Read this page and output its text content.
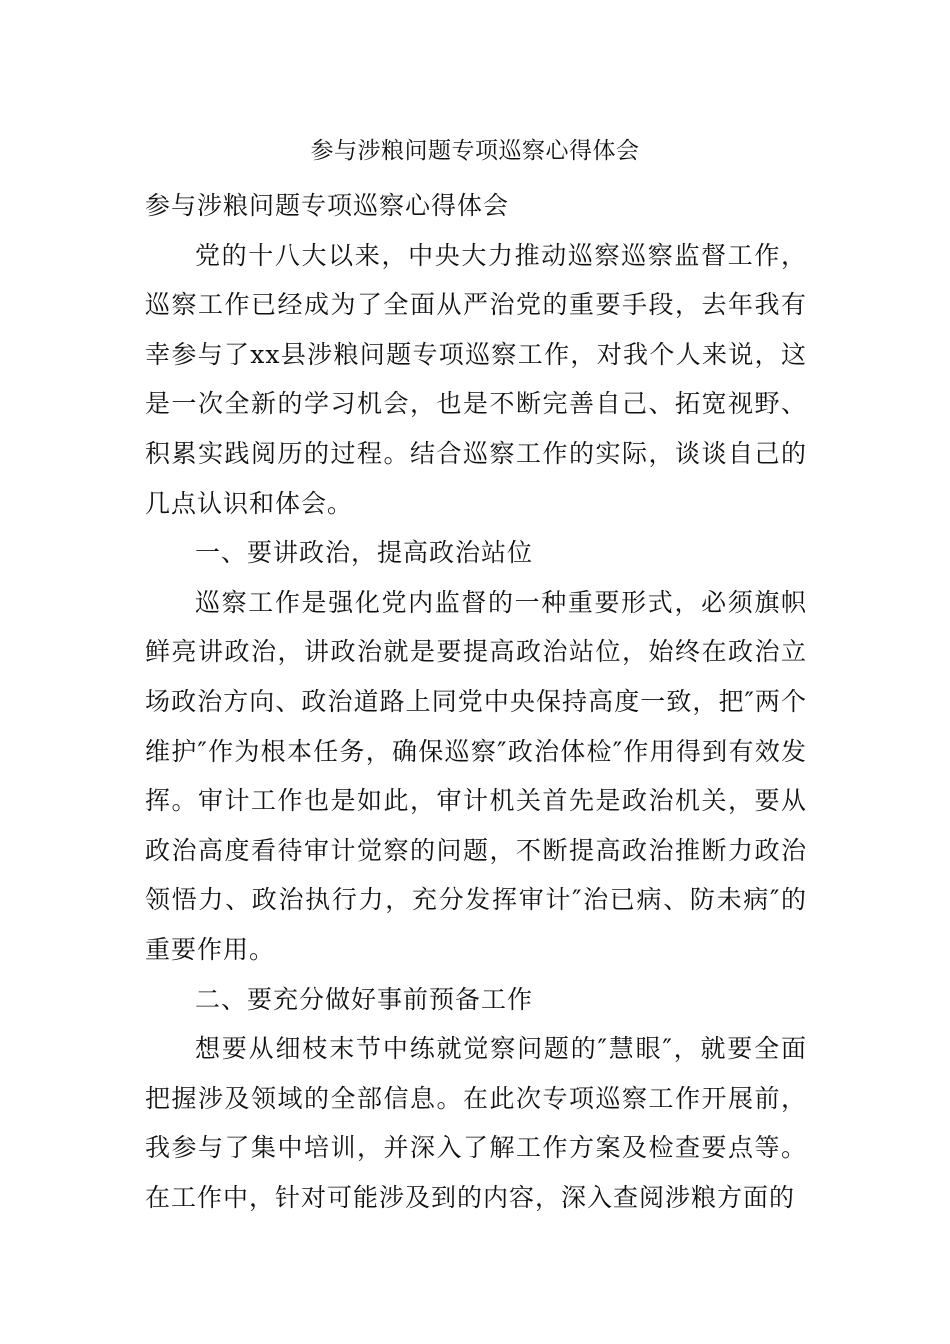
参与涉粮问题专项巡察心得体会

参与涉粮问题专项巡察心得体会

党的十八大以来，中央大力推动巡察巡察监督工作，巡察工作已经成为了全面从严治党的重要手段，去年我有幸参与了xx县涉粮问题专项巡察工作，对我个人来说，这是一次全新的学习机会，也是不断完善自己、拓宽视野、积累实践阅历的过程。结合巡察工作的实际，谈谈自己的几点认识和体会。

一、要讲政治，提高政治站位

巡察工作是强化党内监督的一种重要形式，必须旗帜鲜亮讲政治，讲政治就是要提高政治站位，始终在政治立场政治方向、政治道路上同党中央保持高度一致，把″两个维护″作为根本任务，确保巡察″政治体检″作用得到有效发挥。审计工作也是如此，审计机关首先是政治机关，要从政治高度看待审计觉察的问题，不断提高政治推断力政治领悟力、政治执行力，充分发挥审计″治已病、防未病″的重要作用。

二、要充分做好事前预备工作

想要从细枝末节中练就觉察问题的″慧眼″，就要全面把握涉及领域的全部信息。在此次专项巡察工作开展前，我参与了集中培训，并深入了解工作方案及检查要点等。在工作中，针对可能涉及到的内容，深入查阅涉粮方面的
